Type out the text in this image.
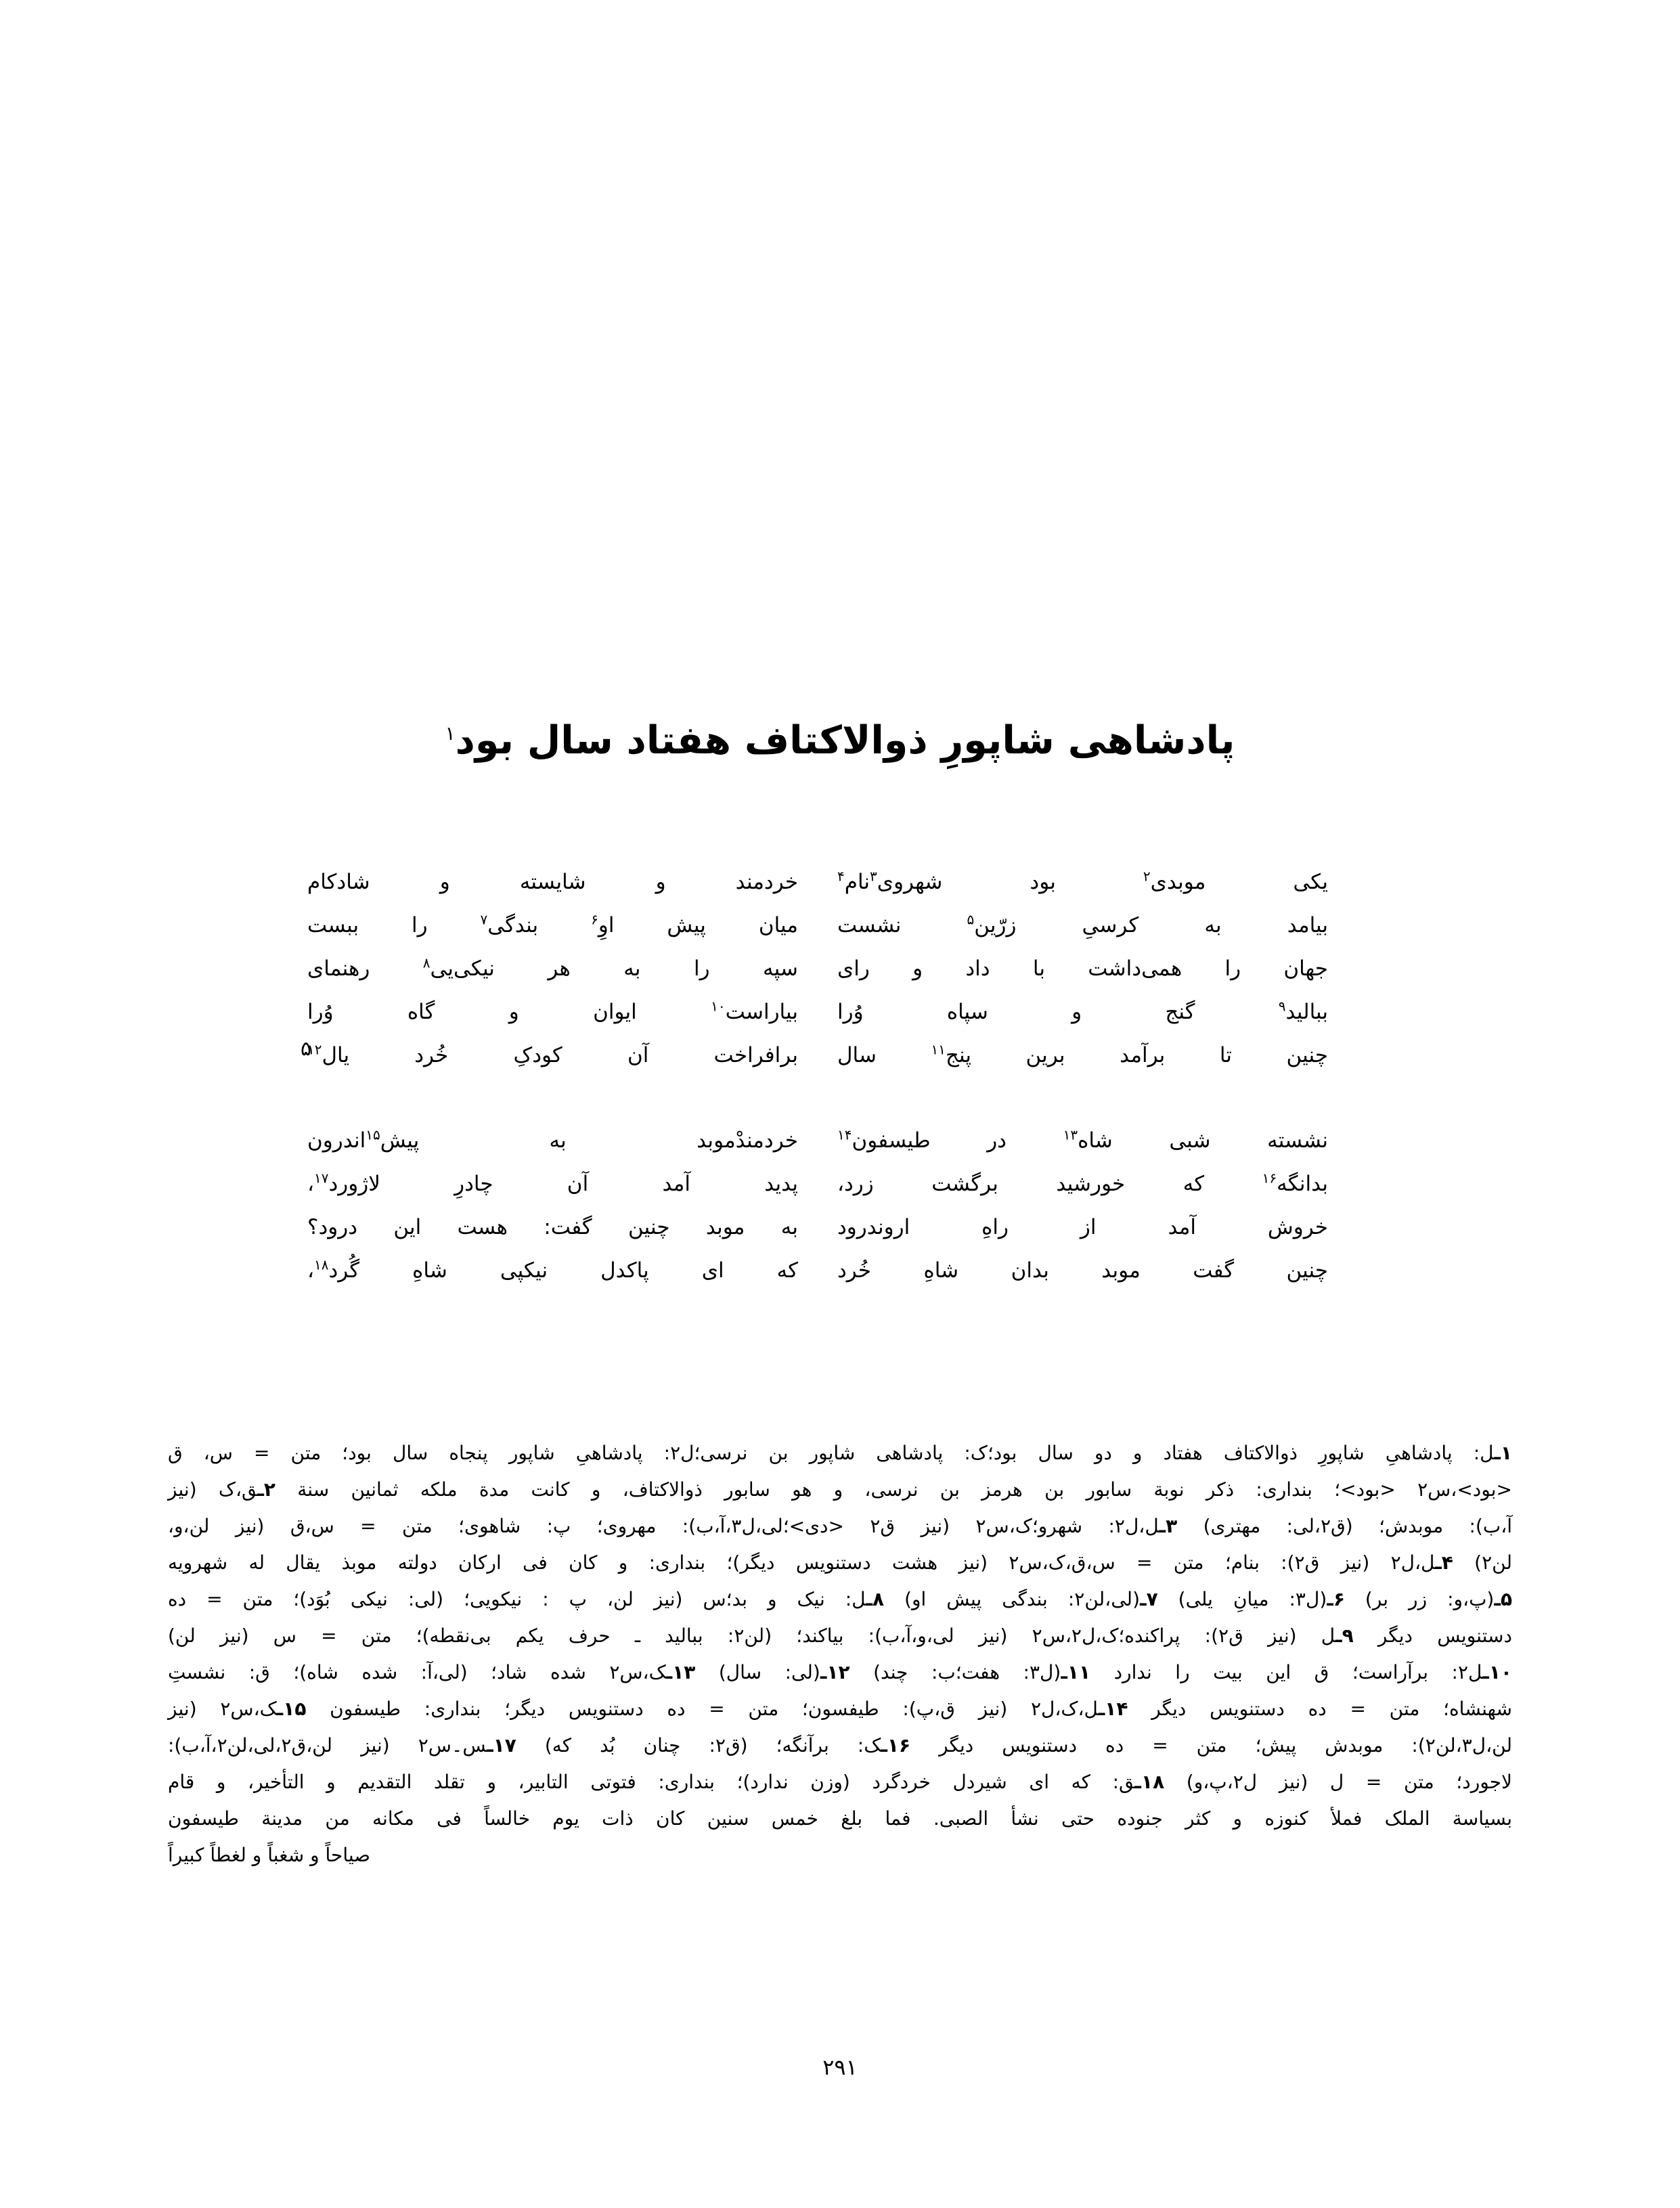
پادشاهی شاپورِ ذوالاکتاف هفتاد سال بود$^۱$
یکی موبدی$^۲$ بود شهروی$^۳$نام$^۴$
خردمند و شایسته و شادکام
بیامد به کرسیِ زرّین$^۵$ نشست
میان پیش اوِ$^۶$ بندگی$^۷$ را ببست
جهان را همی‌داشت با داد و رای
سپه را به هر نیکی‌یی$^۸$ رهنمای
ببالید$^۹$ گنج و سپاه وُرا
بیاراست$^{۱۰}$ ایوان و گاه وُرا
۵	چنین تا برآمد برین پنج$^{۱۱}$ سال
برافراخت آن کودکِ خُرد یال$^{۱۲}$
نشسته شبی شاه$^{۱۳}$ در طیسفون$^{۱۴}$
خردمندْموبد به پیش$^{۱۵}$اندرون
بدانگه$^{۱۶}$ که خورشید برگشت زرد،
پدید آمد آن چادرِ لاژورد$^{۱۷}$،
خروش آمد از راهِ اروندرود
به موبد چنین گفت: هست این درود؟
چنین گفت موبد بدان شاهِ خُرد
که ای پاکدل نیکپی شاهِ گُرد$^{۱۸}$،
۱ـل: پادشاهیِ شاپورِ ذوالاکتاف هفتاد و دو سال بود؛ک: پادشاهی شاپور بن نرسی؛ل۲: پادشاهیِ شاپور پنجاه سال بود؛ متن = س، ق
<بود>،س۲ <بود>؛ بنداری: ذکر نوبة سابور بن هرمز بن نرسی، و هو سابور ذوالاکتاف، و کانت مدة ملکه ثمانین سنة ۲ـق،ک (نیز
آ،ب): موبدش؛ (ق۲،لی: مهتری) ۳ـل،ل۲: شهرو؛ک،س۲ (نیز ق۲ <دی>؛لی،ل۳،آ،ب): مهروی؛ پ: شاهوی؛ متن = س،ق (نیز لن،و،
لن۲) ۴ـل،ل۲ (نیز ق۲): بنام؛ متن = س،ق،ک،س۲ (نیز هشت دستنویس دیگر)؛ بنداری: و کان فی ارکان دولته موبذ یقال له شهرویه
۵ـ(پ،و: زر بر) ۶ـ(ل۳: میانِ یلی) ۷ـ(لی،لن۲: بندگی پیش او) ۸ـل: نیک و بد؛س (نیز لن، پ : نیکویی؛ (لی: نیکی بُوَد)؛ متن = ده
دستنویس دیگر ۹ـل (نیز ق۲): پراکنده؛ک،ل۲،س۲ (نیز لی،و،آ،ب): بیاکند؛ (لن۲: ببالید ـ حرف یکم بی‌نقطه)؛ متن = س (نیز لن)
۱۰ـل۲: برآراست؛ ق این بیت را ندارد ۱۱ـ(ل۳: هفت؛ب: چند) ۱۲ـ(لی: سال) ۱۳ـک،س۲ شده شاد؛ (لی،آ: شده شاه)؛ ق: نشستِ
شهنشاه؛ متن = ده دستنویس دیگر ۱۴ـل،ک،ل۲ (نیز ق،پ): طیفسون؛ متن = ده دستنویس دیگر؛ بنداری: طیسفون ۱۵ـک،س۲ (نیز
لن،ل۳،لن۲): موبدش پیش؛ متن = ده دستنویس دیگر ۱۶ـک: برآنگه؛ (ق۲: چنان بُد که) ۱۷ـس۔س۲ (نیز لن،ق۲،لی،لن۲،آ،ب):
لاجورد؛ متن = ل (نیز ل۲،پ،و) ۱۸ـق: که ای شیردل خردگرد (وزن ندارد)؛ بنداری: فتوتی التابیر، و تقلد التقدیم و التأخیر، و قام
بسیاسة الملک فملأ کنوزه و کثر جنوده حتی نشأ الصبی. فما بلغ خمس سنین کان ذات یوم خالساً فی مکانه من مدینة طیسفون
صیاحاً و شغباً و لغطاً کبیراً
۲۹۱
